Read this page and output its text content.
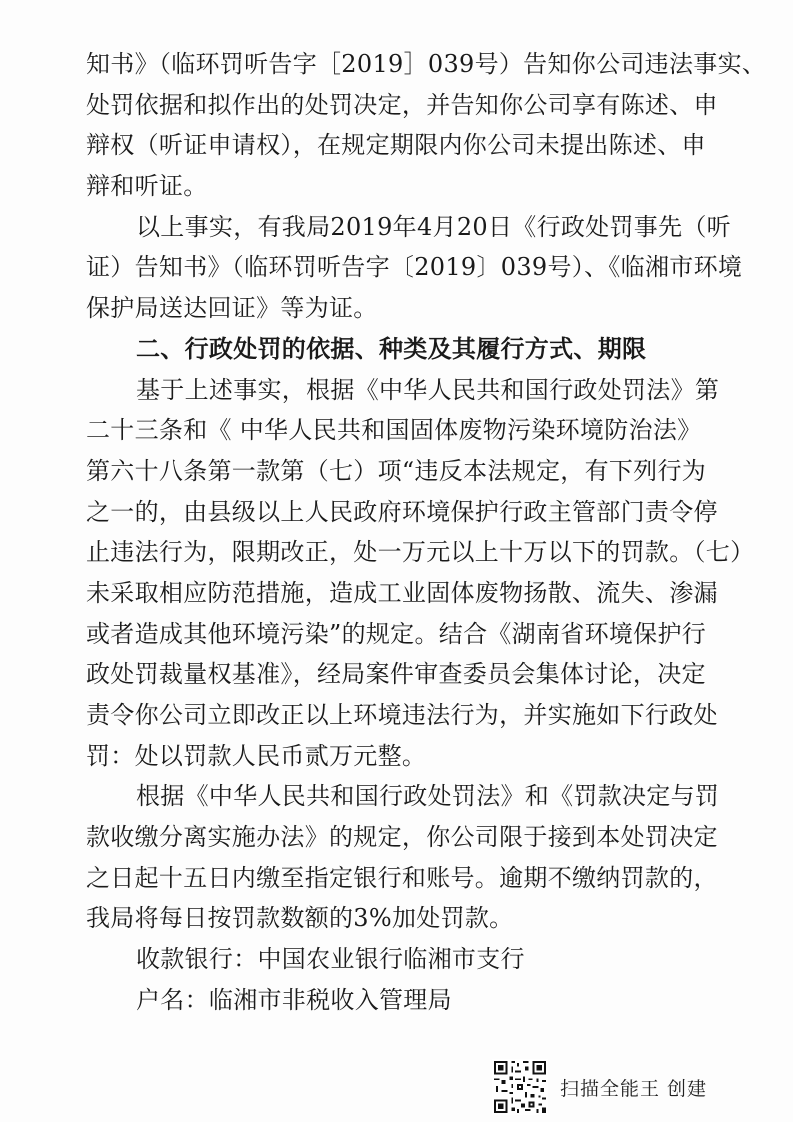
知书》（临环罚听告字［2019］039号）告知你公司违法事实、
处罚依据和拟作出的处罚决定，并告知你公司享有陈述、申
辩权（听证申请权），在规定期限内你公司未提出陈述、申
辩和听证。
以上事实，有我局2019年4月20日《行政处罚事先（听
证）告知书》（临环罚听告字〔2019〕039号）、《临湘市环境
保护局送达回证》等为证。
二、行政处罚的依据、种类及其履行方式、期限
基于上述事实，根据《中华人民共和国行政处罚法》第
二十三条和《 中华人民共和国固体废物污染环境防治法》
第六十八条第一款第（七）项“违反本法规定，有下列行为
之一的，由县级以上人民政府环境保护行政主管部门责令停
止违法行为，限期改正，处一万元以上十万以下的罚款。（七）
未采取相应防范措施，造成工业固体废物扬散、流失、渗漏
或者造成其他环境污染”的规定。结合《湖南省环境保护行
政处罚裁量权基准》，经局案件审查委员会集体讨论，决定
责令你公司立即改正以上环境违法行为，并实施如下行政处
罚：处以罚款人民币贰万元整。
根据《中华人民共和国行政处罚法》和《罚款决定与罚
款收缴分离实施办法》的规定，你公司限于接到本处罚决定
之日起十五日内缴至指定银行和账号。逾期不缴纳罚款的，
我局将每日按罚款数额的3%加处罚款。
收款银行：中国农业银行临湘市支行
户名：临湘市非税收入管理局
扫描全能王 创建
